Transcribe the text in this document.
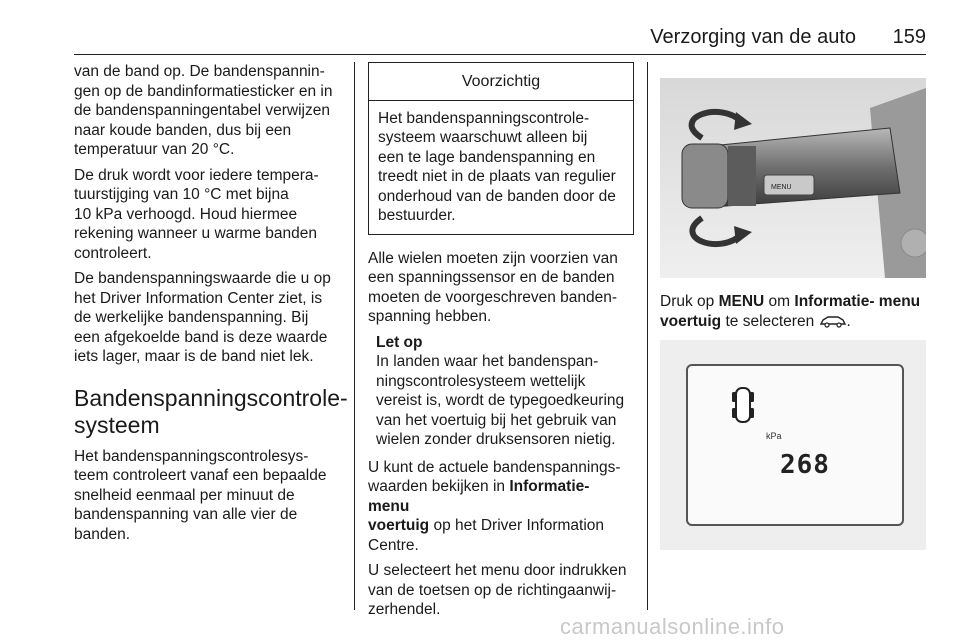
Verzorging van de auto 159

van de band op. De bandenspannin-
gen op de bandinformatiesticker en in
de bandenspanningentabel verwijzen
naar koude banden, dus bij een
temperatuur van 20 °C.

De druk wordt voor iedere tempera-
tuurstijging van 10 °C met bijna
10 kPa verhoogd. Houd hiermee
rekening wanneer u warme banden
controleert.

De bandenspanningswaarde die u op
het Driver Information Center ziet, is
de werkelijke bandenspanning. Bij
een afgekoelde band is deze waarde
iets lager, maar is de band niet lek.

Bandenspanningscontrole-
systeem

Het bandenspanningscontrolesys-
teem controleert vanaf een bepaalde
snelheid eenmaal per minuut de
bandenspanning van alle vier de
banden.

Voorzichtig
Het bandenspanningscontrole-
systeem waarschuwt alleen bij
een te lage bandenspanning en
treedt niet in de plaats van regulier
onderhoud van de banden door de
bestuurder.

Alle wielen moeten zijn voorzien van
een spanningssensor en de banden
moeten de voorgeschreven banden-
spanning hebben.

Let op
In landen waar het bandenspan-
ningscontrolesysteem wettelijk
vereist is, wordt de typegoedkeuring
van het voertuig bij het gebruik van
wielen zonder druksensoren nietig.

U kunt de actuele bandenspannings-
waarden bekijken in Informatie- menu
voertuig op het Driver Information
Centre.

U selecteert het menu door indrukken
van de toetsen op de richtingaanwij-
zerhendel.

MENU

Druk op MENU om Informatie- menu
voertuig te selecteren .

kPa
268
carmanualsonline.info
